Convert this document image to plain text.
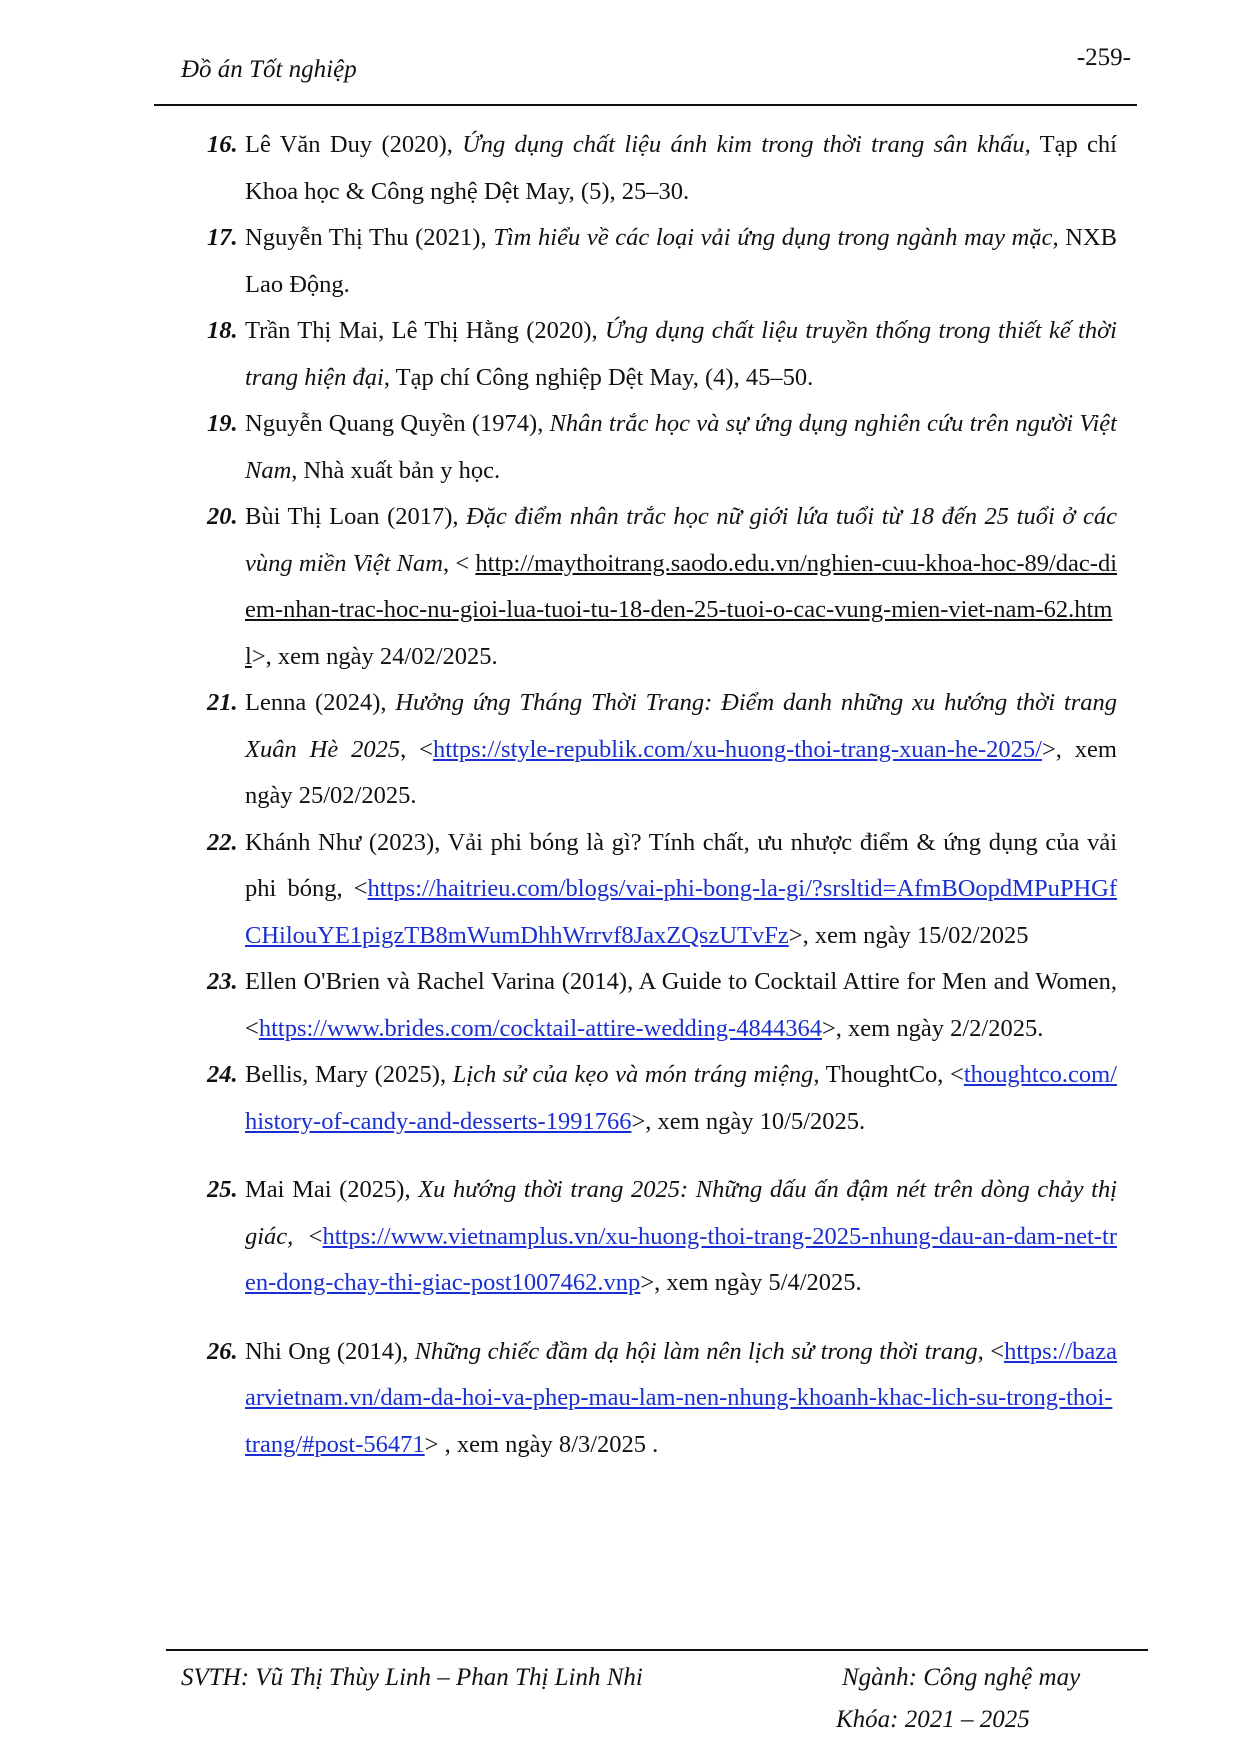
Đồ án Tốt nghiệp	-259-
16. Lê Văn Duy (2020), Ứng dụng chất liệu ánh kim trong thời trang sân khấu, Tạp chí Khoa học & Công nghệ Dệt May, (5), 25–30.
17. Nguyễn Thị Thu (2021), Tìm hiểu về các loại vải ứng dụng trong ngành may mặc, NXB Lao Động.
18. Trần Thị Mai, Lê Thị Hằng (2020), Ứng dụng chất liệu truyền thống trong thiết kế thời trang hiện đại, Tạp chí Công nghiệp Dệt May, (4), 45–50.
19. Nguyễn Quang Quyền (1974), Nhân trắc học và sự ứng dụng nghiên cứu trên người Việt Nam, Nhà xuất bản y học.
20. Bùi Thị Loan (2017), Đặc điểm nhân trắc học nữ giới lứa tuổi từ 18 đến 25 tuổi ở các vùng miền Việt Nam, < http://maythoitrang.saodo.edu.vn/nghien-cuu-khoa-hoc-89/dac-diem-nhan-trac-hoc-nu-gioi-lua-tuoi-tu-18-den-25-tuoi-o-cac-vung-mien-viet-nam-62.html>, xem ngày 24/02/2025.
21. Lenna (2024), Hưởng ứng Tháng Thời Trang: Điểm danh những xu hướng thời trang Xuân Hè 2025, <https://style-republik.com/xu-huong-thoi-trang-xuan-he-2025/>, xem ngày 25/02/2025.
22. Khánh Như (2023), Vải phi bóng là gì? Tính chất, ưu nhược điểm & ứng dụng của vải phi bóng, <https://haitrieu.com/blogs/vai-phi-bong-la-gi/?srsltid=AfmBOopdMPuPHGfCHilouYE1pigzTB8mWumDhhWrrvf8JaxZQszUTvFz>, xem ngày 15/02/2025
23. Ellen O'Brien và Rachel Varina (2014), A Guide to Cocktail Attire for Men and Women, <https://www.brides.com/cocktail-attire-wedding-4844364>, xem ngày 2/2/2025.
24. Bellis, Mary (2025), Lịch sử của kẹo và món tráng miệng, ThoughtCo, <thoughtco.com/history-of-candy-and-desserts-1991766>, xem ngày 10/5/2025.
25. Mai Mai (2025), Xu hướng thời trang 2025: Những dấu ấn đậm nét trên dòng chảy thị giác, <https://www.vietnamplus.vn/xu-huong-thoi-trang-2025-nhung-dau-an-dam-net-tren-dong-chay-thi-giac-post1007462.vnp>, xem ngày 5/4/2025.
26. Nhi Ong (2014), Những chiếc đầm dạ hội làm nên lịch sử trong thời trang, <https://bazaarvietnam.vn/dam-da-hoi-va-phep-mau-lam-nen-nhung-khoanh-khac-lich-su-trong-thoi-trang/#post-56471> , xem ngày 8/3/2025 .
SVTH: Vũ Thị Thùy Linh – Phan Thị Linh Nhi	Ngành: Công nghệ may
Khóa: 2021 – 2025
